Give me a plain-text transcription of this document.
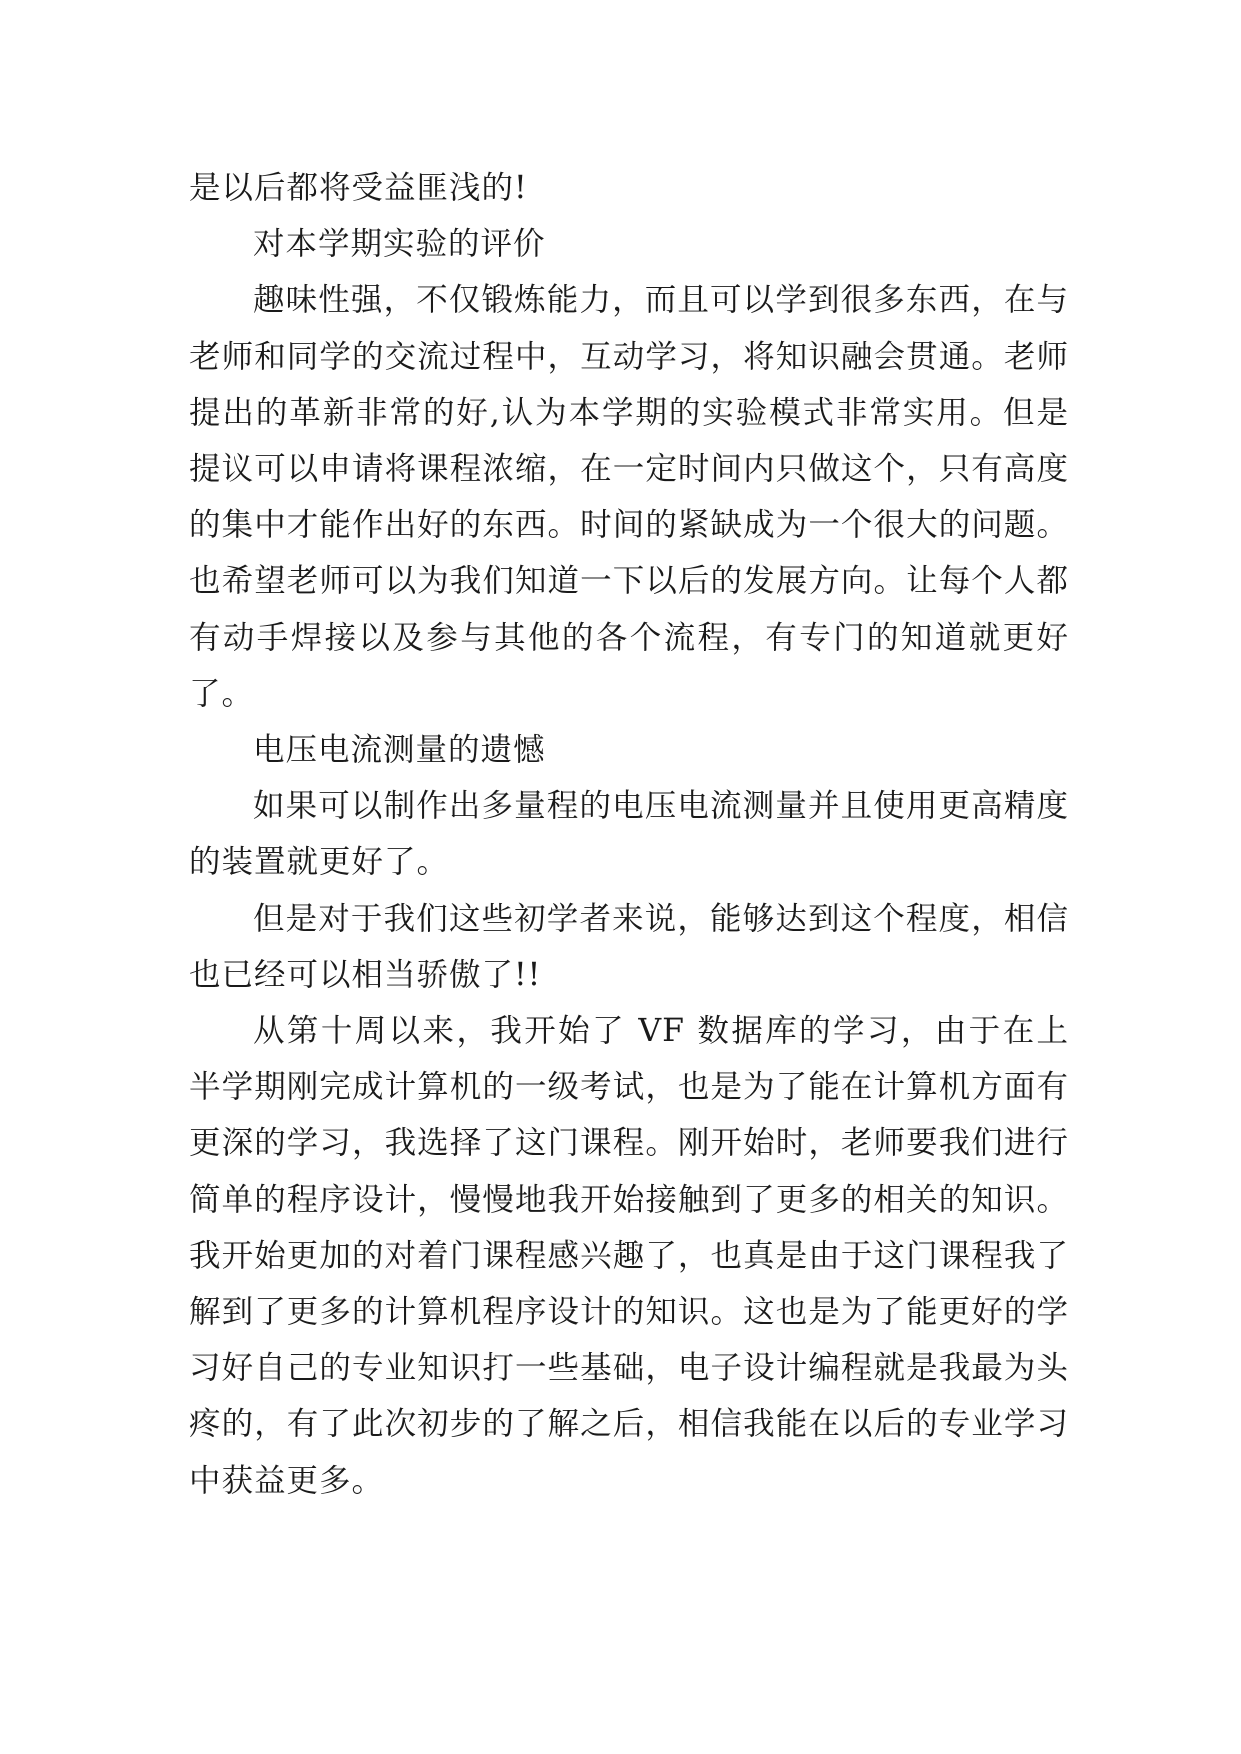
是以后都将受益匪浅的!

对本学期实验的评价

趣味性强，不仅锻炼能力，而且可以学到很多东西，在与老师和同学的交流过程中，互动学习，将知识融会贯通。老师提出的革新非常的好,认为本学期的实验模式非常实用。但是提议可以申请将课程浓缩，在一定时间内只做这个，只有高度的集中才能作出好的东西。时间的紧缺成为一个很大的问题。也希望老师可以为我们知道一下以后的发展方向。让每个人都有动手焊接以及参与其他的各个流程，有专门的知道就更好了。

电压电流测量的遗憾

如果可以制作出多量程的电压电流测量并且使用更高精度的装置就更好了。

但是对于我们这些初学者来说，能够达到这个程度，相信也已经可以相当骄傲了!!

从第十周以来，我开始了 VF 数据库的学习，由于在上半学期刚完成计算机的一级考试，也是为了能在计算机方面有更深的学习，我选择了这门课程。刚开始时，老师要我们进行简单的程序设计，慢慢地我开始接触到了更多的相关的知识。我开始更加的对着门课程感兴趣了，也真是由于这门课程我了解到了更多的计算机程序设计的知识。这也是为了能更好的学习好自己的专业知识打一些基础，电子设计编程就是我最为头疼的，有了此次初步的了解之后，相信我能在以后的专业学习中获益更多。
